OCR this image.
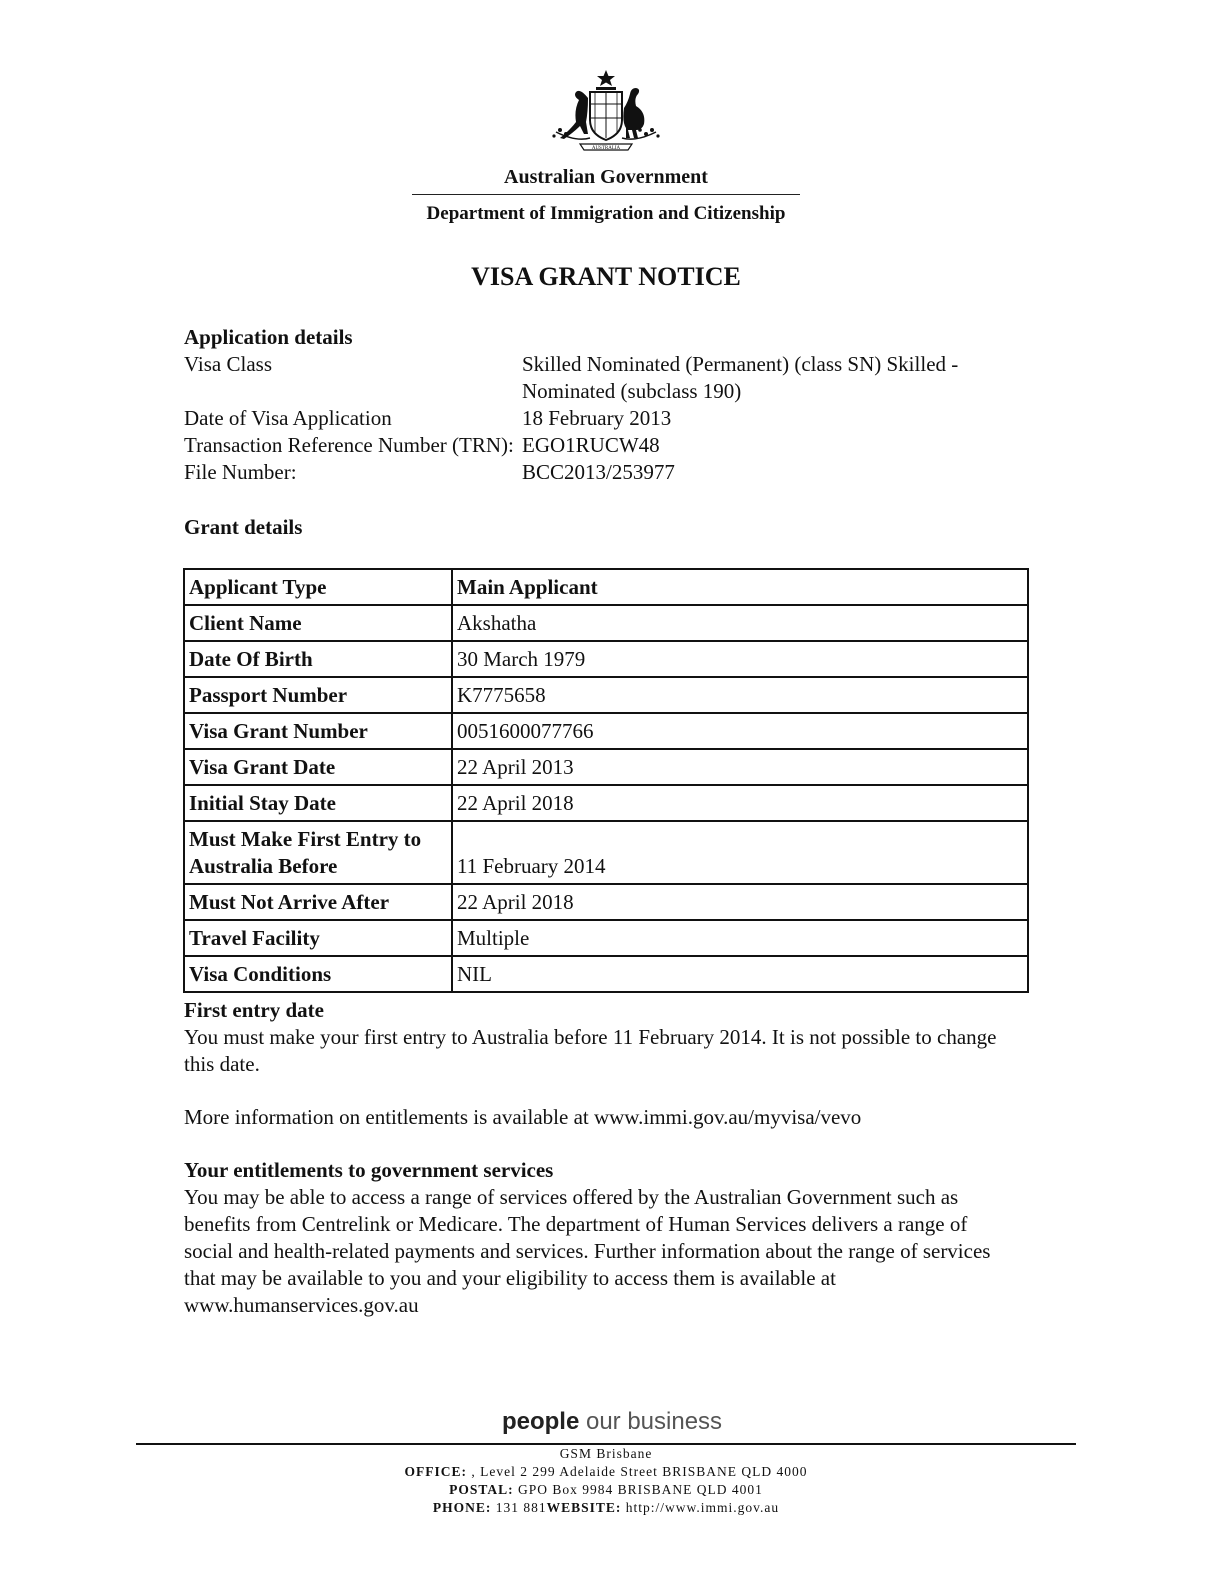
AUSTRALIA
Australian Government
Department of Immigration and Citizenship
VISA GRANT NOTICE
Application details
Visa Class	Skilled Nominated (Permanent) (class SN) Skilled -
Nominated (subclass 190)
Date of Visa Application	18 February 2013
Transaction Reference Number (TRN): EGO1RUCW48
File Number:	BCC2013/253977
Grant details
Applicant Type	Main Applicant
Client Name	Akshatha
Date Of Birth	30 March 1979
Passport Number	K7775658
Visa Grant Number	0051600077766
Visa Grant Date	22 April 2013
Initial Stay Date	22 April 2018
Must Make First Entry to
Australia Before	11 February 2014
Must Not Arrive After	22 April 2018
Travel Facility	Multiple
Visa Conditions	NIL
First entry date
You must make your first entry to Australia before 11 February 2014. It is not possible to change
this date.
More information on entitlements is available at www.immi.gov.au/myvisa/vevo
Your entitlements to government services
You may be able to access a range of services offered by the Australian Government such as
benefits from Centrelink or Medicare. The department of Human Services delivers a range of
social and health-related payments and services. Further information about the range of services
that may be available to you and your eligibility to access them is available at
www.humanservices.gov.au
people our business
GSM Brisbane
OFFICE: , Level 2 299 Adelaide Street BRISBANE QLD 4000
POSTAL: GPO Box 9984 BRISBANE QLD 4001
PHONE: 131 881WEBSITE: http://www.immi.gov.au
